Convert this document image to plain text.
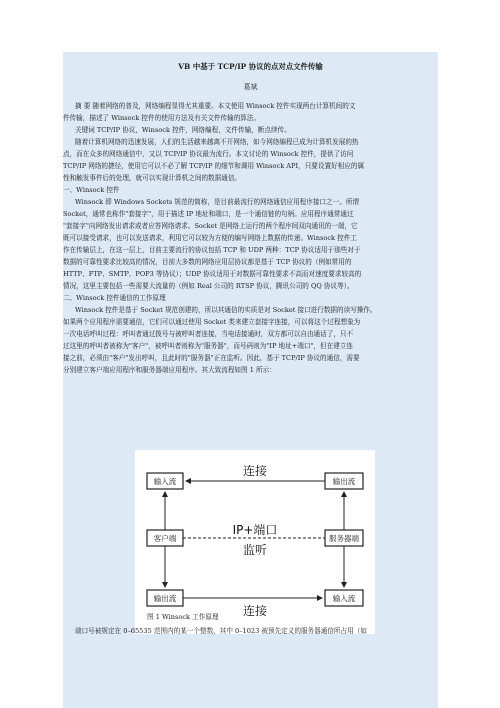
VB 中基于 TCP/IP 协议的点对点文件传输
葛斌
摘 要 随着网络的普及，网络编程显得尤其重要。本文使用 Winsock 控件实现两台计算机间的文
件传输，描述了 Winsock 控件的使用方法及有关文件传输的算法。
关键词 TCP/IP 协议，Winsock 控件，网络编程，文件传输，断点续传。
随着计算机网络的迅速发展，人们的生活越来越离不开网络，如今网络编程已成为计算机发展的热
点，而在众多的网络通信中，又以 TCP/IP 协议最为流行。本文讨论的 Winsock 控件，提供了访问
TCP/IP 网络的捷径，使用它可以不必了解 TCP/IP 的细节和调用 Winsock API，只要设置好相应的属
性和触发事件后的处理，就可以实现计算机之间的数据通信。
一、Winsock 控件
Winsock 即 Windows Sockets 规范的简称，是目前最流行的网络通信应用程序接口之一。所谓
Socket，通常也称作"套接字"，用于描述 IP 地址和端口，是一个通信链的句柄。应用程序通常通过
"套接字"向网络发出请求或者应答网络请求。Socket 是网络上运行的两个程序间双向通讯的一端，它
既可以接受请求，也可以发送请求，利用它可以较为方便的编写网络上数据的传递。Winsock 控件工
作在传输层上，在这一层上，目前主要流行的协议包括 TCP 和 UDP 两种：TCP 协议适用于那些对于
数据的可靠性要求比较高的情况，目前大多数的网络应用层协议都是基于 TCP 协议的（例如常用的
HTTP、FTP、SMTP、POP3 等协议）；UDP 协议适用于对数据可靠性要求不高而对速度要求较高的
情况，这里主要包括一些需要大流量的（例如 Real 公司的 RTSP 协议，腾讯公司的 QQ 协议等）。
二、Winsock 控件通信的工作原理
Winsock 控件是基于 Socket 规范创建的，所以其通信的实质是对 Socket 接口进行数据的读写操作。
如果两个应用程序需要通信，它们可以通过使用 Socket 类来建立套接字连接，可以将这个过程想象为
一次电话呼叫过程：呼叫者通过拨号与被呼叫者连接，当电话接通时，双方都可以自由通话了，只不
过这里的呼叫者被称为"客户"，被呼叫者则称为"服务器"，而号码则为"IP 地址+端口"，但在建立连
接之前，必须由"客户"发出呼叫，且此时的"服务器"正在监听。因此，基于 TCP/IP 协议的通信，需要
分别建立客户端应用程序和服务器端应用程序。其大致流程如图 1 所示：
输入流
客户端
输出流
输出流
服务器端
输入流
连接
IP+端口
监听
连接
图 1 Winsock 工作原理
端口号被规定在 0–65535 范围内的某一个整数，其中 0–1023 被预先定义的服务器通信所占用（如
